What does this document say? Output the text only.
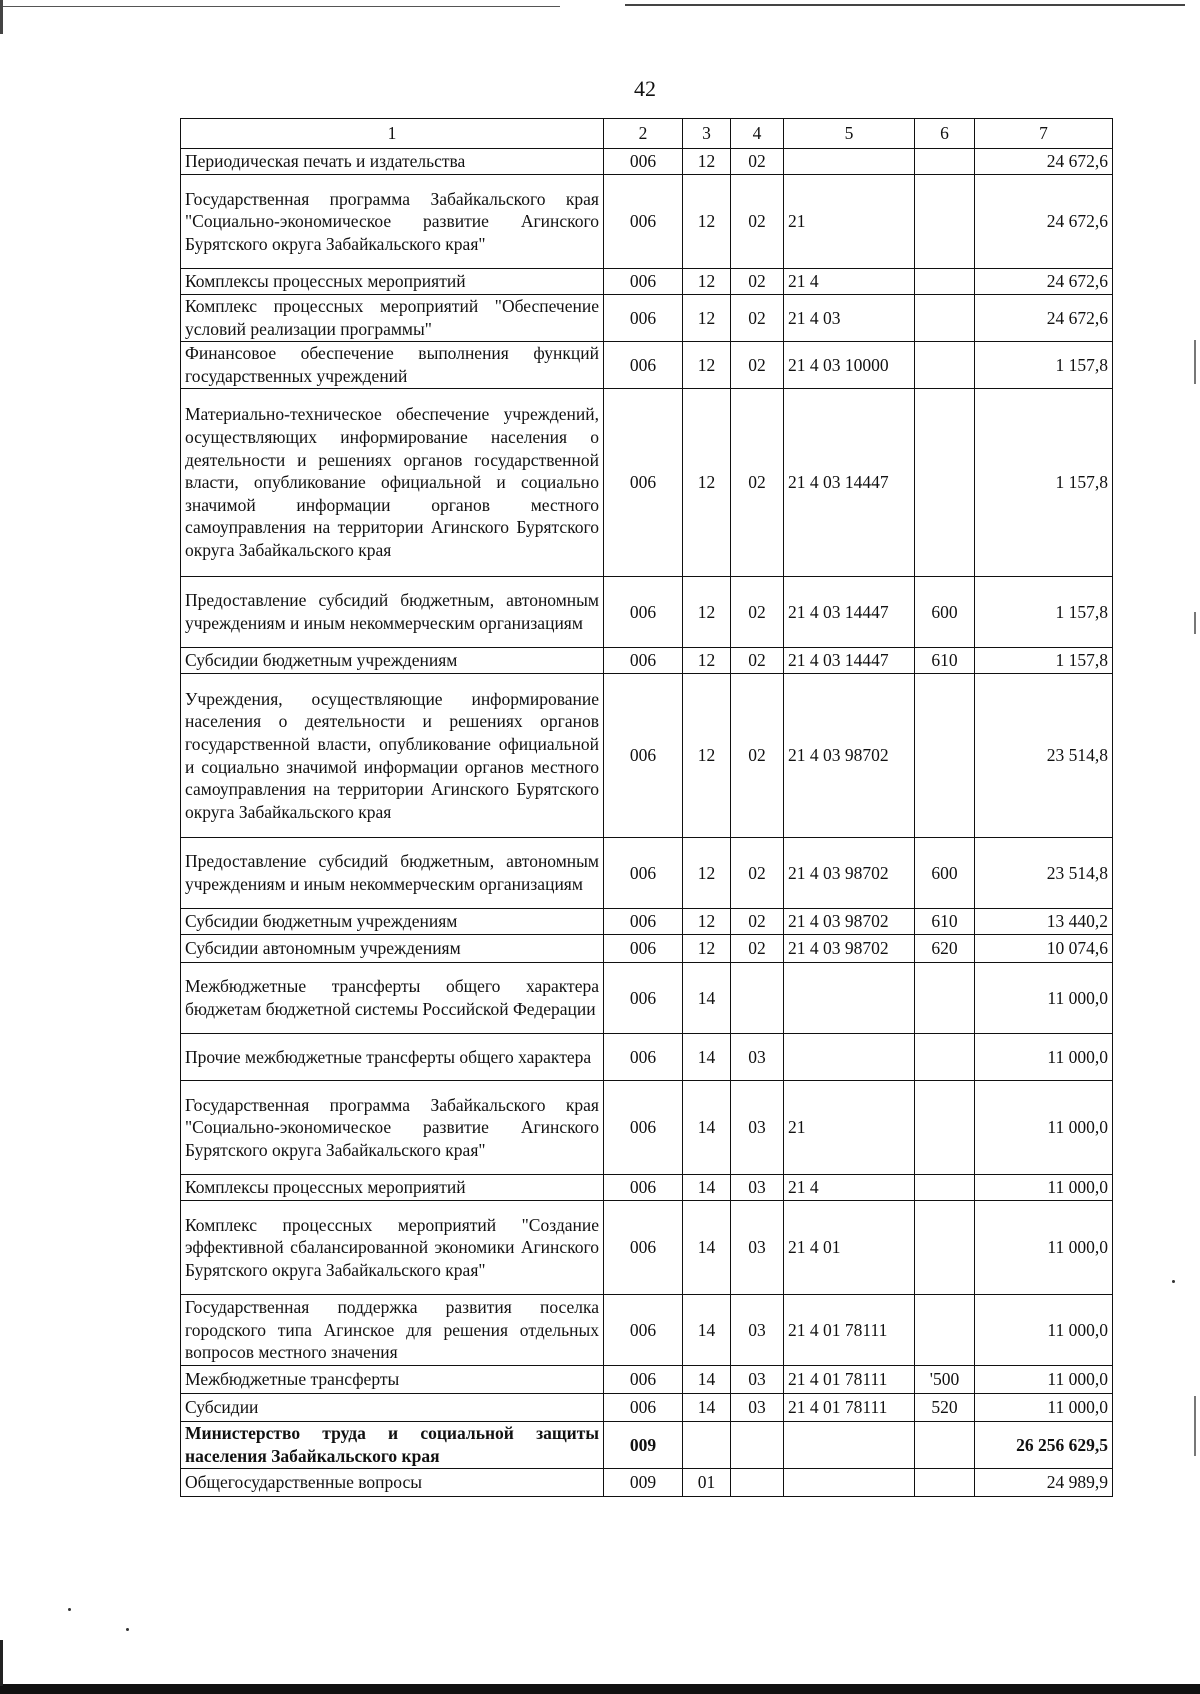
42
1	2	3	4	5	6	7
Периодическая печать и издательства	006	12	02			24 672,6
Государственная программа Забайкальского края "Социально-экономическое развитие Агинского Бурятского округа Забайкальского края"	006	12	02	21		24 672,6
Комплексы процессных мероприятий	006	12	02	21 4		24 672,6
Комплекс процессных мероприятий "Обеспечение условий реализации программы"	006	12	02	21 4 03		24 672,6
Финансовое обеспечение выполнения функций государственных учреждений	006	12	02	21 4 03 10000		1 157,8
Материально-техническое обеспечение учреждений, осуществляющих информирование населения о деятельности и решениях органов государственной власти, опубликование официальной и социально значимой информации органов местного самоуправления на территории Агинского Бурятского округа Забайкальского края	006	12	02	21 4 03 14447		1 157,8
Предоставление субсидий бюджетным, автономным учреждениям и иным некоммерческим организациям	006	12	02	21 4 03 14447	600	1 157,8
Субсидии бюджетным учреждениям	006	12	02	21 4 03 14447	610	1 157,8
Учреждения, осуществляющие информирование населения о деятельности и решениях органов государственной власти, опубликование официальной и социально значимой информации органов местного самоуправления на территории Агинского Бурятского округа Забайкальского края	006	12	02	21 4 03 98702		23 514,8
Предоставление субсидий бюджетным, автономным учреждениям и иным некоммерческим организациям	006	12	02	21 4 03 98702	600	23 514,8
Субсидии бюджетным учреждениям	006	12	02	21 4 03 98702	610	13 440,2
Субсидии автономным учреждениям	006	12	02	21 4 03 98702	620	10 074,6
Межбюджетные трансферты общего характера бюджетам бюджетной системы Российской Федерации	006	14				11 000,0
Прочие межбюджетные трансферты общего характера	006	14	03			11 000,0
Государственная программа Забайкальского края "Социально-экономическое развитие Агинского Бурятского округа Забайкальского края"	006	14	03	21		11 000,0
Комплексы процессных мероприятий	006	14	03	21 4		11 000,0
Комплекс процессных мероприятий "Создание эффективной сбалансированной экономики Агинского Бурятского округа Забайкальского края"	006	14	03	21 4 01		11 000,0
Государственная поддержка развития поселка городского типа Агинское для решения отдельных вопросов местного значения	006	14	03	21 4 01 78111		11 000,0
Межбюджетные трансферты	006	14	03	21 4 01 78111	'500	11 000,0
Субсидии	006	14	03	21 4 01 78111	520	11 000,0
Министерство труда и социальной защиты населения Забайкальского края	009					26 256 629,5
Общегосударственные вопросы	009	01				24 989,9
